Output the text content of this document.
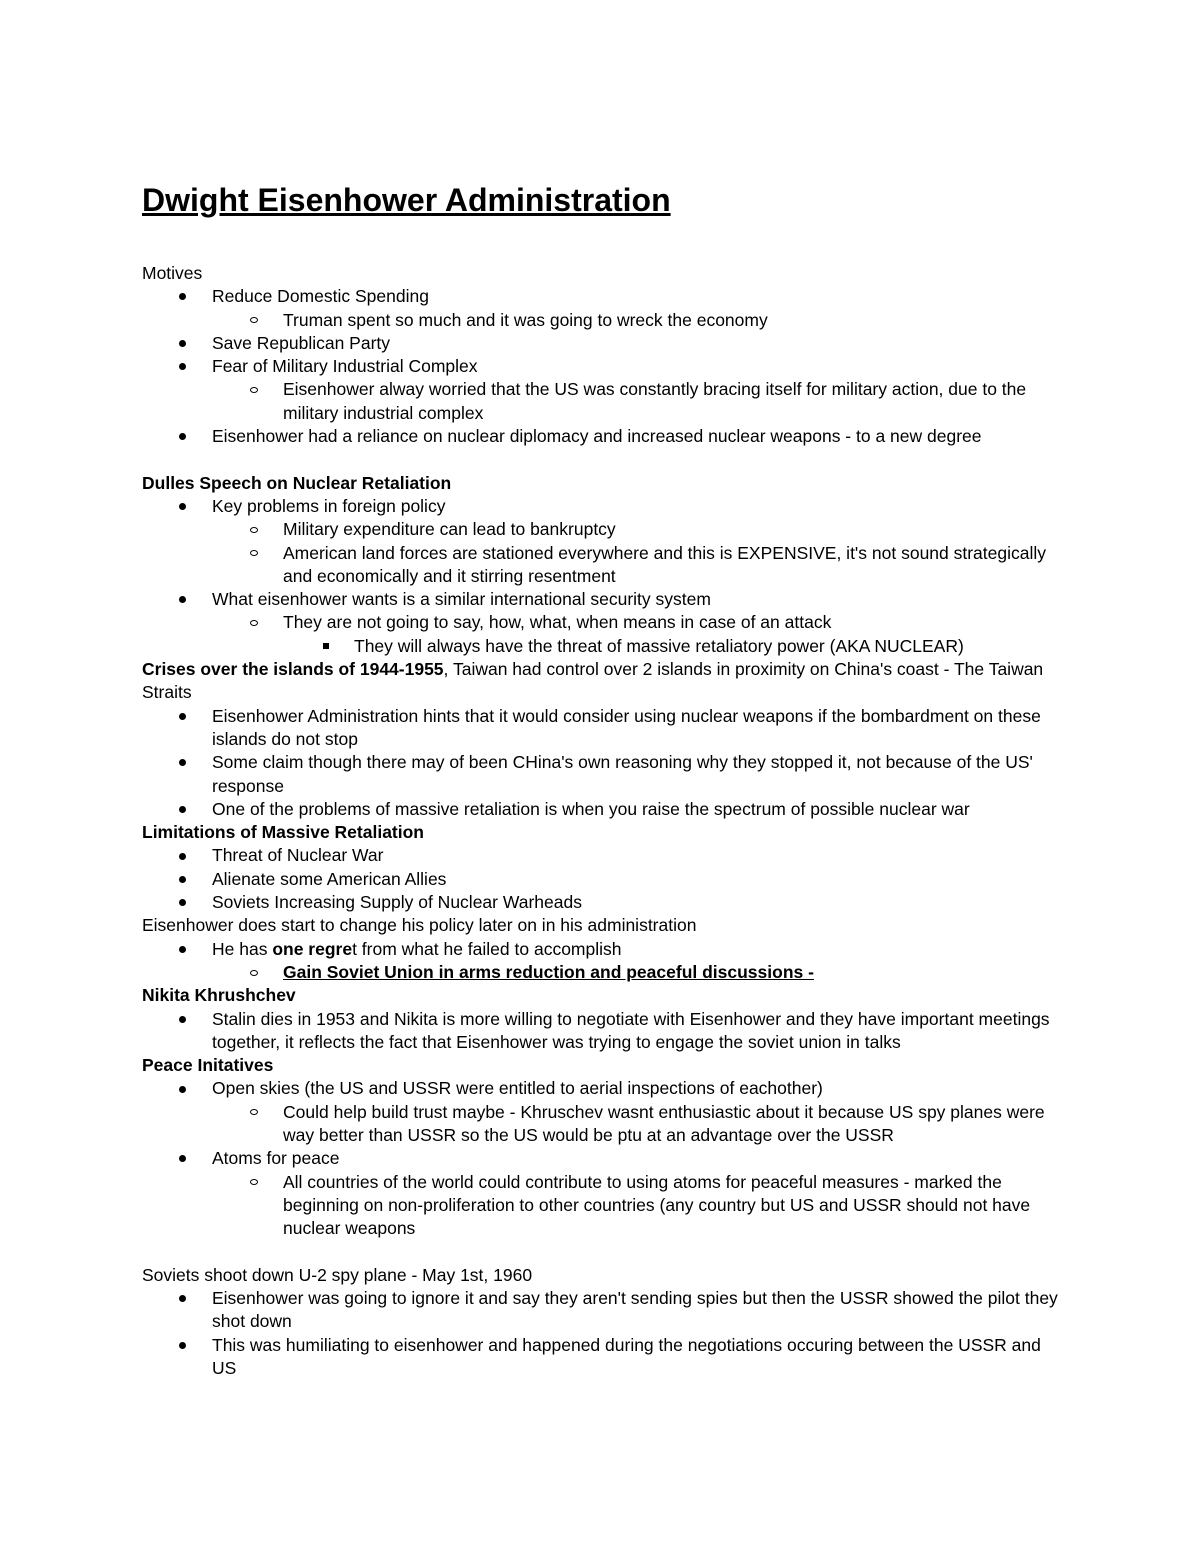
Dwight Eisenhower Administration
Motives
Reduce Domestic Spending
Truman spent so much and it was going to wreck the economy
Save Republican Party
Fear of Military Industrial Complex
Eisenhower alway worried that the US was constantly bracing itself for military action, due to the military industrial complex
Eisenhower had a reliance on nuclear diplomacy and increased nuclear weapons - to a new degree
Dulles Speech on Nuclear Retaliation
Key problems in foreign policy
Military expenditure can lead to bankruptcy
American land forces are stationed everywhere and this is EXPENSIVE, it's not sound strategically and economically and it stirring resentment
What eisenhower wants is a similar international security system
They are not going to say, how, what, when means in case of an attack
They will always have the threat of massive retaliatory power (AKA NUCLEAR)
Crises over the islands of 1944-1955, Taiwan had control over 2 islands in proximity on China's coast - The Taiwan Straits
Eisenhower Administration hints that it would consider using nuclear weapons if the bombardment on these islands do not stop
Some claim though there may of been CHina's own reasoning why they stopped it, not because of the US' response
One of the problems of massive retaliation is when you raise the spectrum of possible nuclear war
Limitations of Massive Retaliation
Threat of Nuclear War
Alienate some American Allies
Soviets Increasing Supply of Nuclear Warheads
Eisenhower does start to change his policy later on in his administration
He has one regret from what he failed to accomplish
Gain Soviet Union in arms reduction and peaceful discussions -
Nikita Khrushchev
Stalin dies in 1953 and Nikita is more willing to negotiate with Eisenhower and they have important meetings together, it reflects the fact that Eisenhower was trying to engage the soviet union in talks
Peace Initatives
Open skies (the US and USSR were entitled to aerial inspections of eachother)
Could help build trust maybe - Khruschev wasnt enthusiastic about it because US spy planes were way better than USSR so the US would be ptu at an advantage over the USSR
Atoms for peace
All countries of the world could contribute to using atoms for peaceful measures - marked the beginning on non-proliferation to other countries (any country but US and USSR should not have nuclear weapons
Soviets shoot down U-2 spy plane - May 1st, 1960
Eisenhower was going to ignore it and say they aren't sending spies but then the USSR showed the pilot they shot down
This was humiliating to eisenhower and happened during the negotiations occuring between the USSR and US
